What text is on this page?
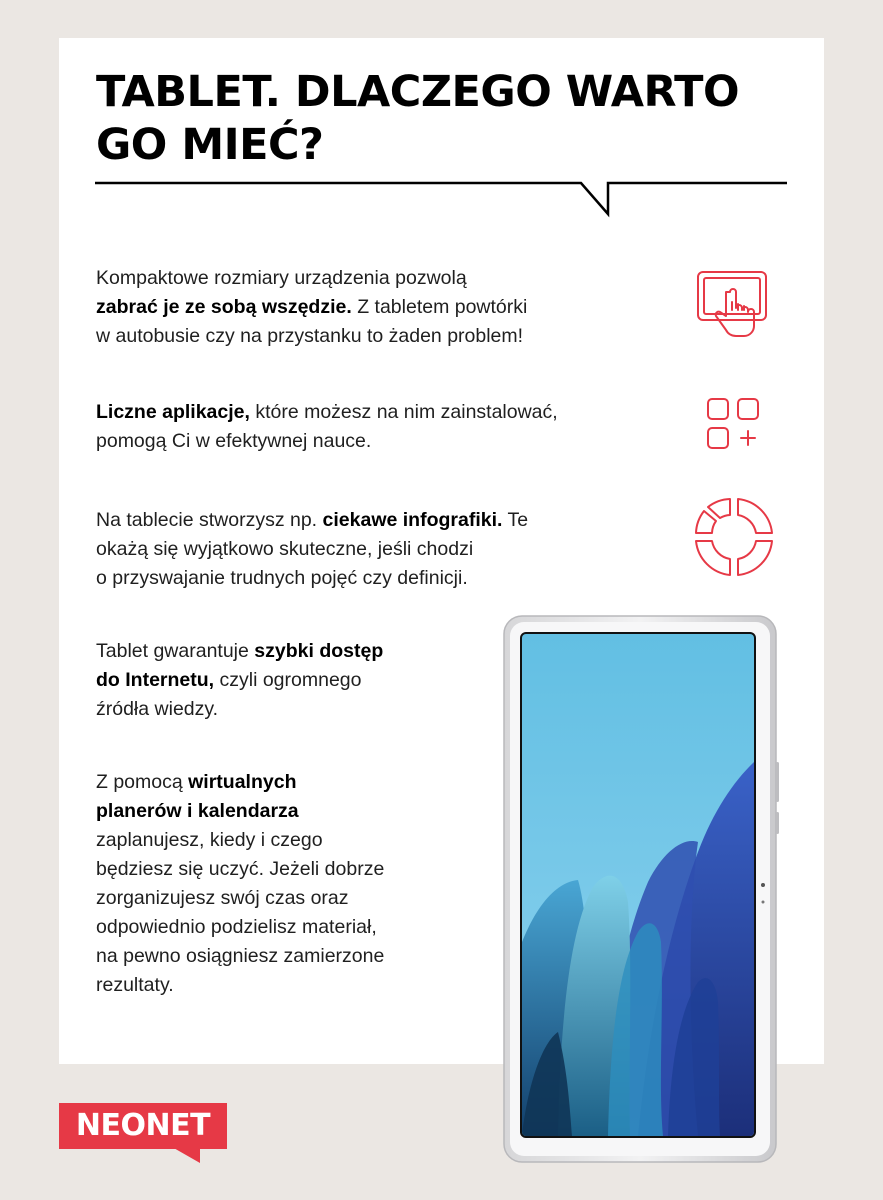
TABLET. DLACZEGO WARTO
GO MIEĆ?

Kompaktowe rozmiary urządzenia pozwolą
zabrać je ze sobą wszędzie. Z tabletem powtórki
w autobusie czy na przystanku to żaden problem!

Liczne aplikacje, które możesz na nim zainstalować,
pomogą Ci w efektywnej nauce.

Na tablecie stworzysz np. ciekawe infografiki. Te
okażą się wyjątkowo skuteczne, jeśli chodzi
o przyswajanie trudnych pojęć czy definicji.

Tablet gwarantuje szybki dostęp
do Internetu, czyli ogromnego
źródła wiedzy.

Z pomocą wirtualnych
planerów i kalendarza
zaplanujesz, kiedy i czego
będziesz się uczyć. Jeżeli dobrze
zorganizujesz swój czas oraz
odpowiednio podzielisz materiał,
na pewno osiągniesz zamierzone
rezultaty.

NEONET
